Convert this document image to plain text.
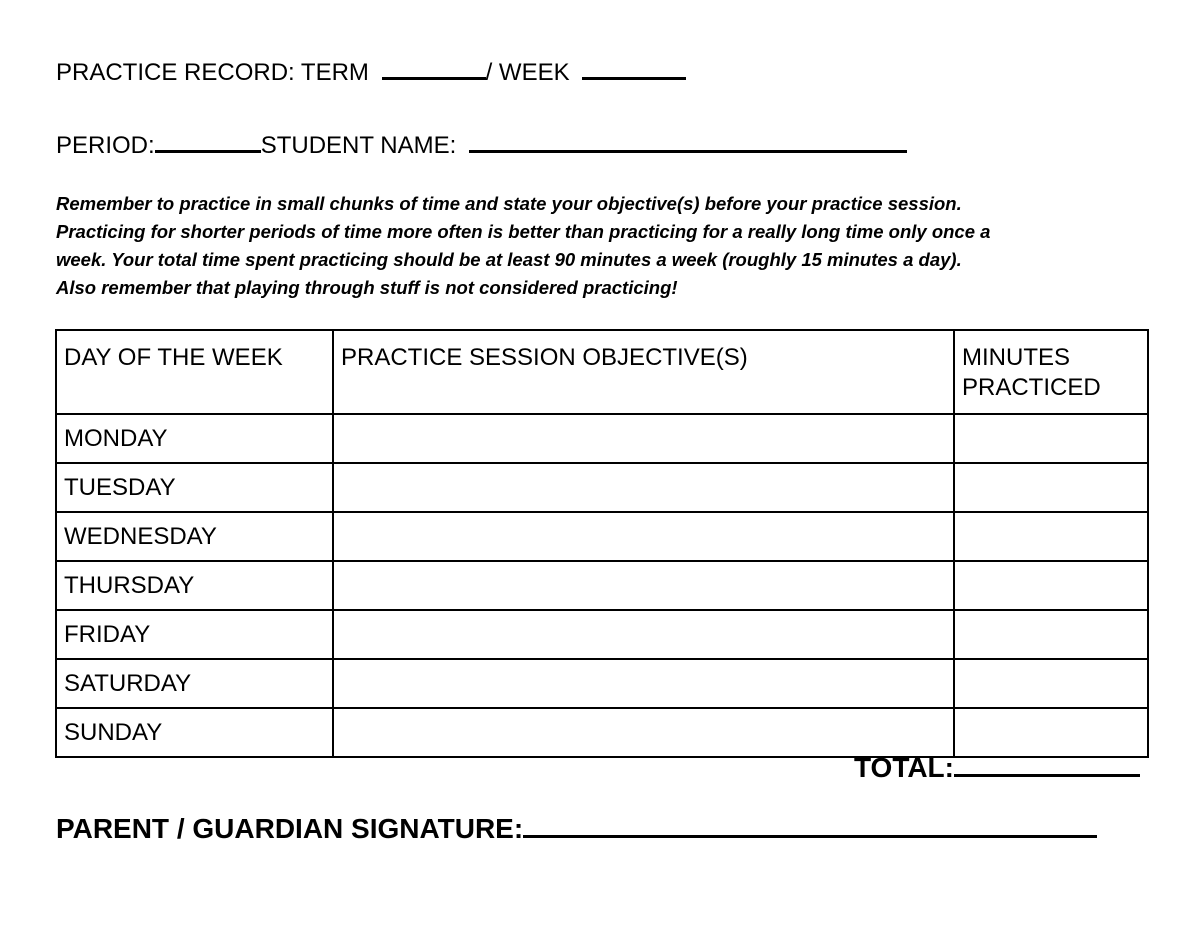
PRACTICE RECORD: TERM	/ WEEK
PERIOD:	STUDENT NAME:
Remember to practice in small chunks of time and state your objective(s) before your practice session.
Practicing for shorter periods of time more often is better than practicing for a really long time only once a
week. Your total time spent practicing should be at least 90 minutes a week (roughly 15 minutes a day).
Also remember that playing through stuff is not considered practicing!
DAY OF THE WEEK	PRACTICE SESSION OBJECTIVE(S)	MINUTES
PRACTICED
MONDAY		
TUESDAY		
WEDNESDAY		
THURSDAY		
FRIDAY		
SATURDAY		
SUNDAY		
TOTAL:
PARENT / GUARDIAN SIGNATURE:
